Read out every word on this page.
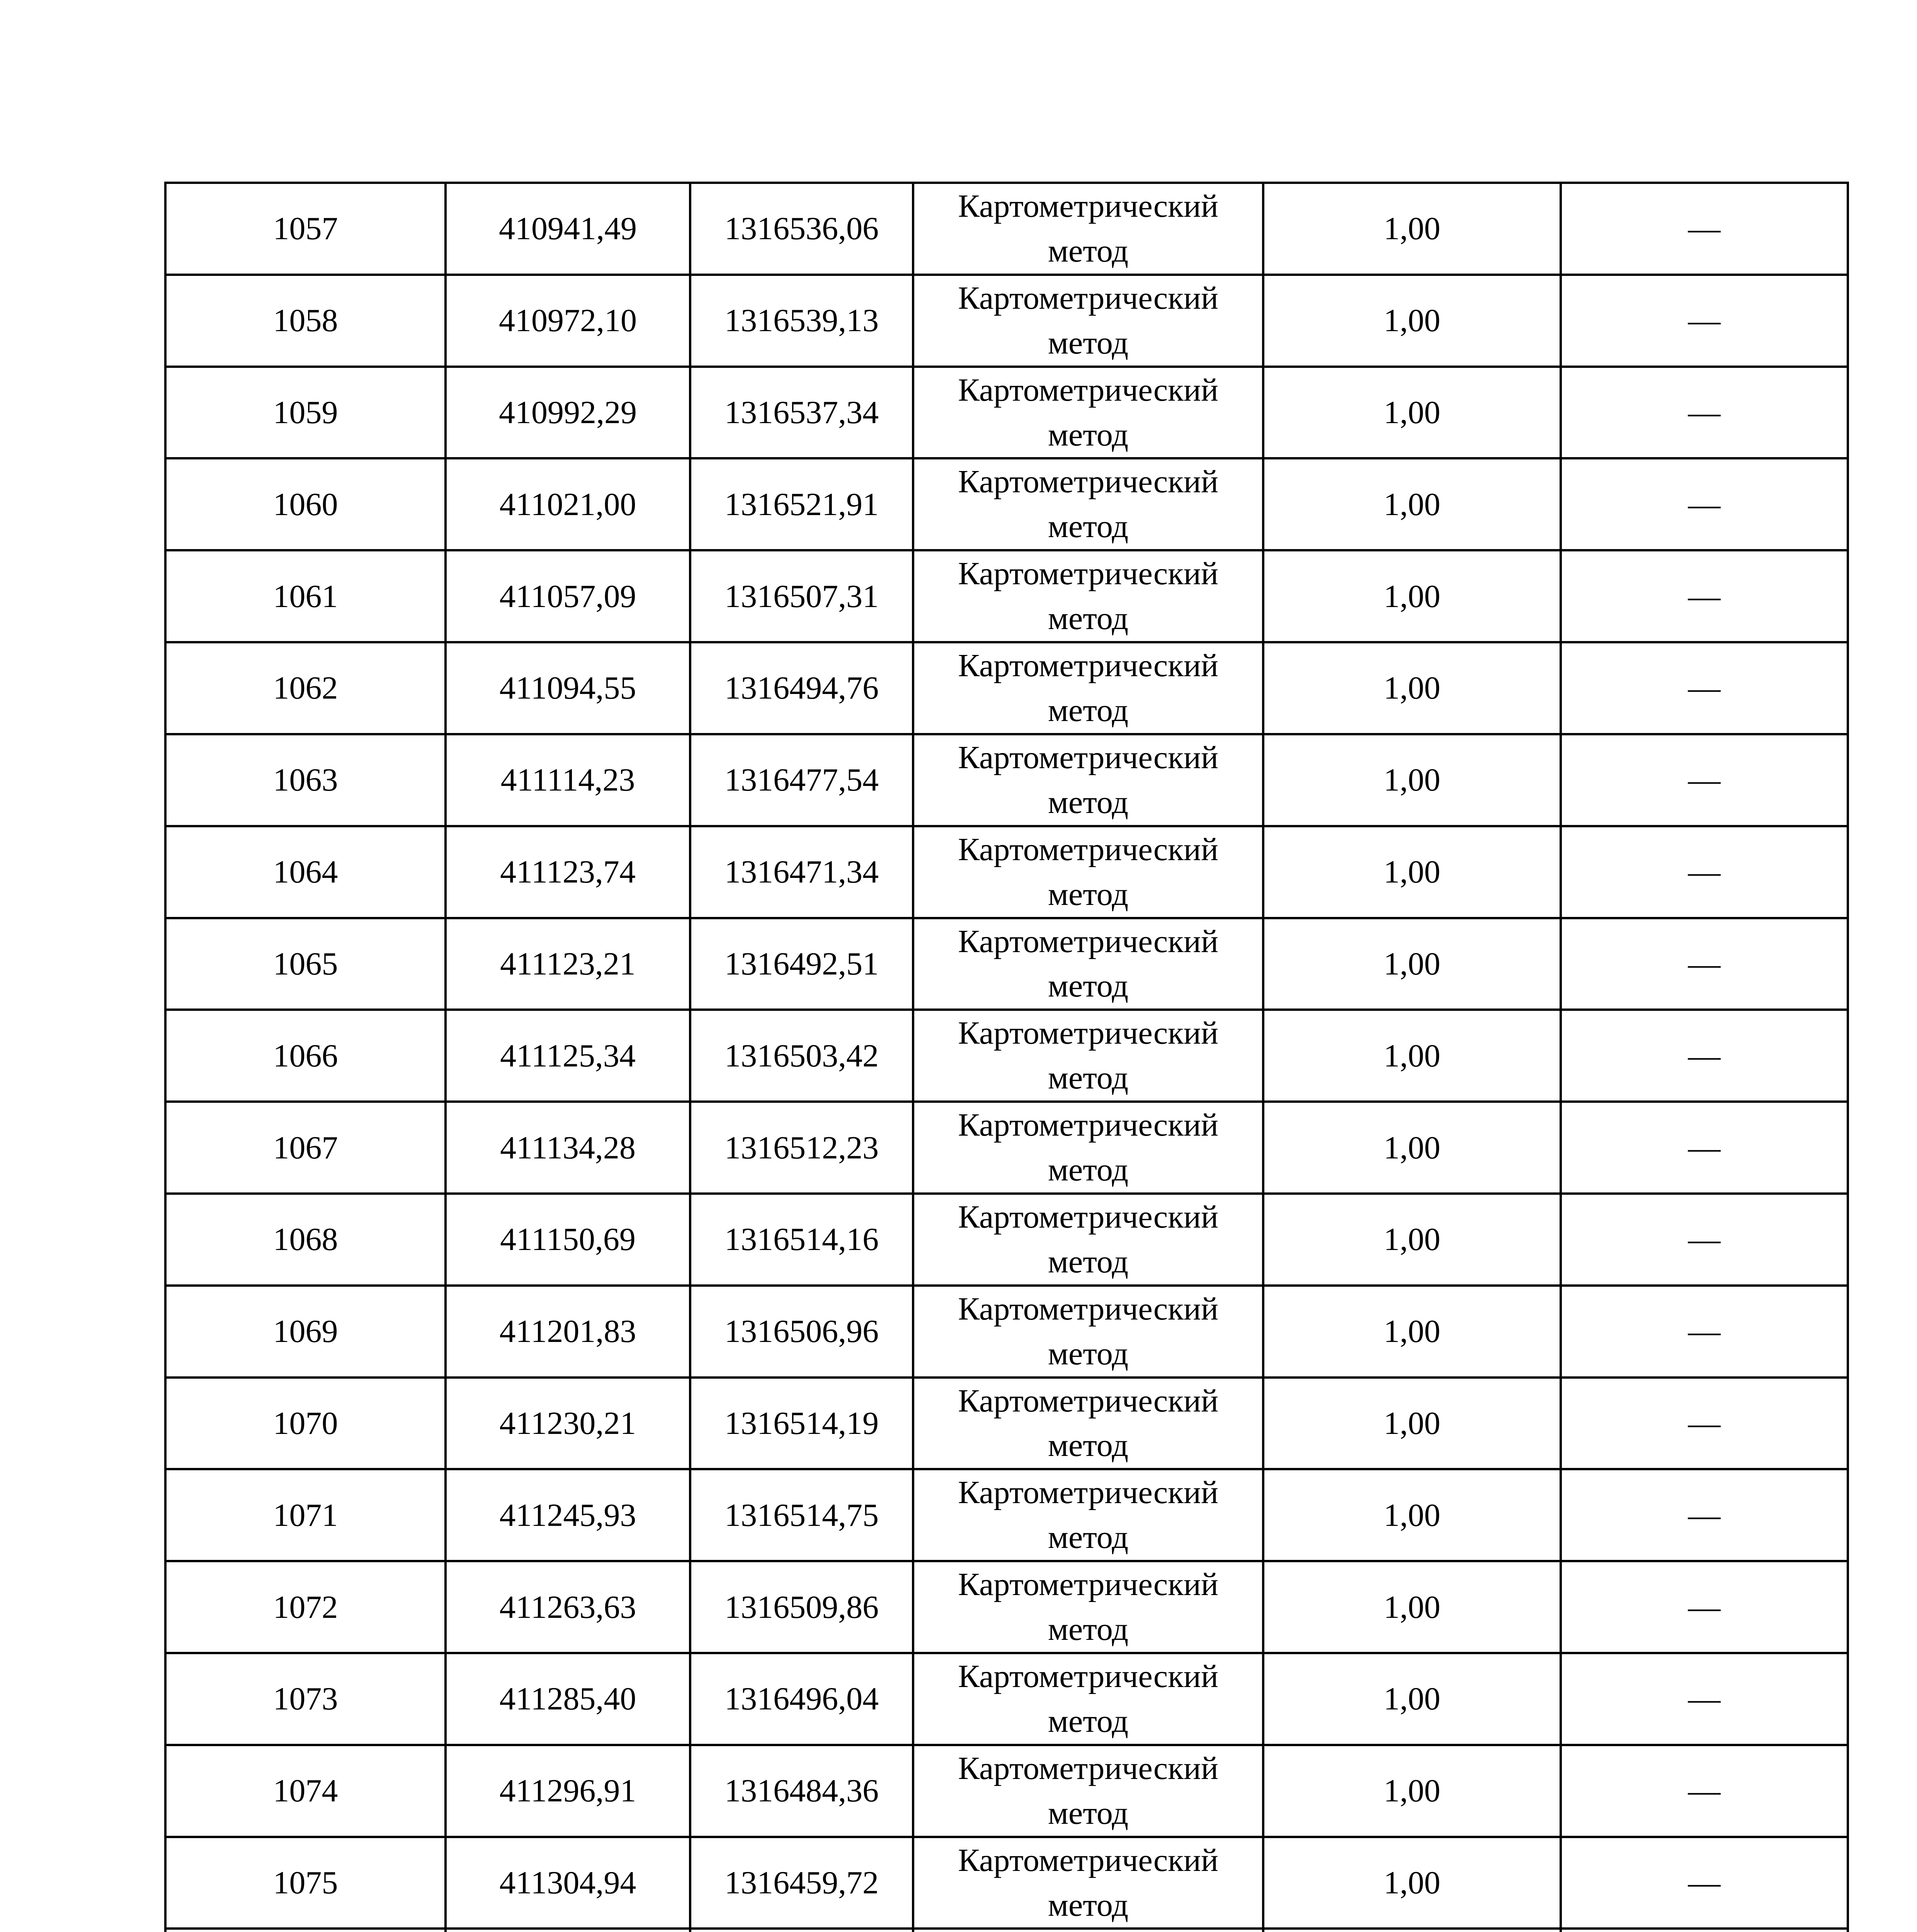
1057	410941,49	1316536,06	Картометрический метод	1,00	—
1058	410972,10	1316539,13	Картометрический метод	1,00	—
1059	410992,29	1316537,34	Картометрический метод	1,00	—
1060	411021,00	1316521,91	Картометрический метод	1,00	—
1061	411057,09	1316507,31	Картометрический метод	1,00	—
1062	411094,55	1316494,76	Картометрический метод	1,00	—
1063	411114,23	1316477,54	Картометрический метод	1,00	—
1064	411123,74	1316471,34	Картометрический метод	1,00	—
1065	411123,21	1316492,51	Картометрический метод	1,00	—
1066	411125,34	1316503,42	Картометрический метод	1,00	—
1067	411134,28	1316512,23	Картометрический метод	1,00	—
1068	411150,69	1316514,16	Картометрический метод	1,00	—
1069	411201,83	1316506,96	Картометрический метод	1,00	—
1070	411230,21	1316514,19	Картометрический метод	1,00	—
1071	411245,93	1316514,75	Картометрический метод	1,00	—
1072	411263,63	1316509,86	Картометрический метод	1,00	—
1073	411285,40	1316496,04	Картометрический метод	1,00	—
1074	411296,91	1316484,36	Картометрический метод	1,00	—
1075	411304,94	1316459,72	Картометрический метод	1,00	—
